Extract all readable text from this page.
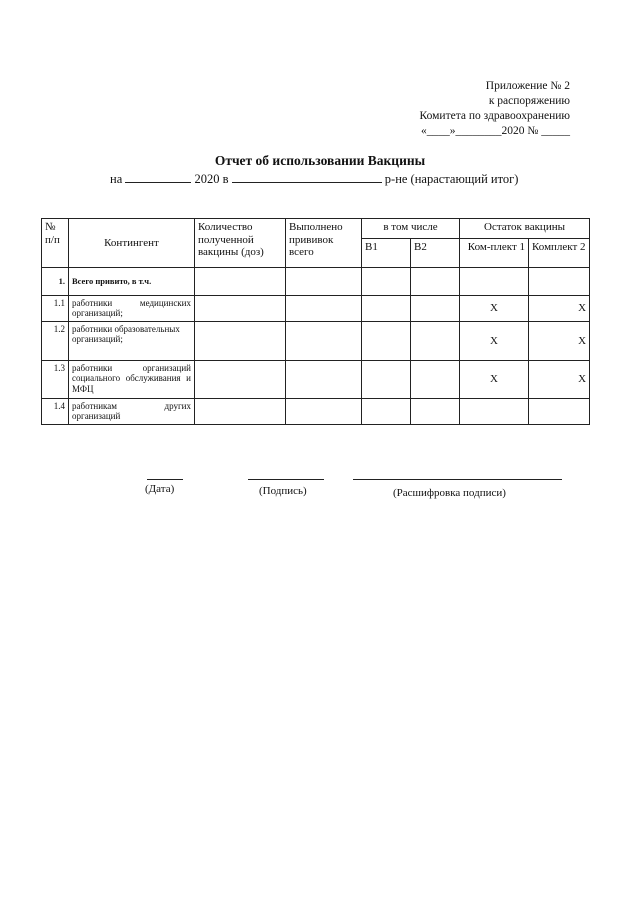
Приложение № 2
к распоряжению
Комитета по здравоохранению
«____»________2020 № _____
Отчет об использовании Вакцины
на	2020 в	р-не (нарастающий итог)
№ п/п	Контингент	Количество полученной вакцины (доз)	Выполнено прививок всего	в том числе		Остаток вакцины	
				В1	В2	Ком-плект 1	Комплект 2
1.	Всего привито, в т.ч.						
1.1	работники медицинских организаций;					X	X
1.2	работники образовательных организаций;					X	X
1.3	работники организаций социального обслуживания и МФЦ					X	X
1.4	работникам других организаций						
(Дата)	(Подпись)	(Расшифровка подписи)
